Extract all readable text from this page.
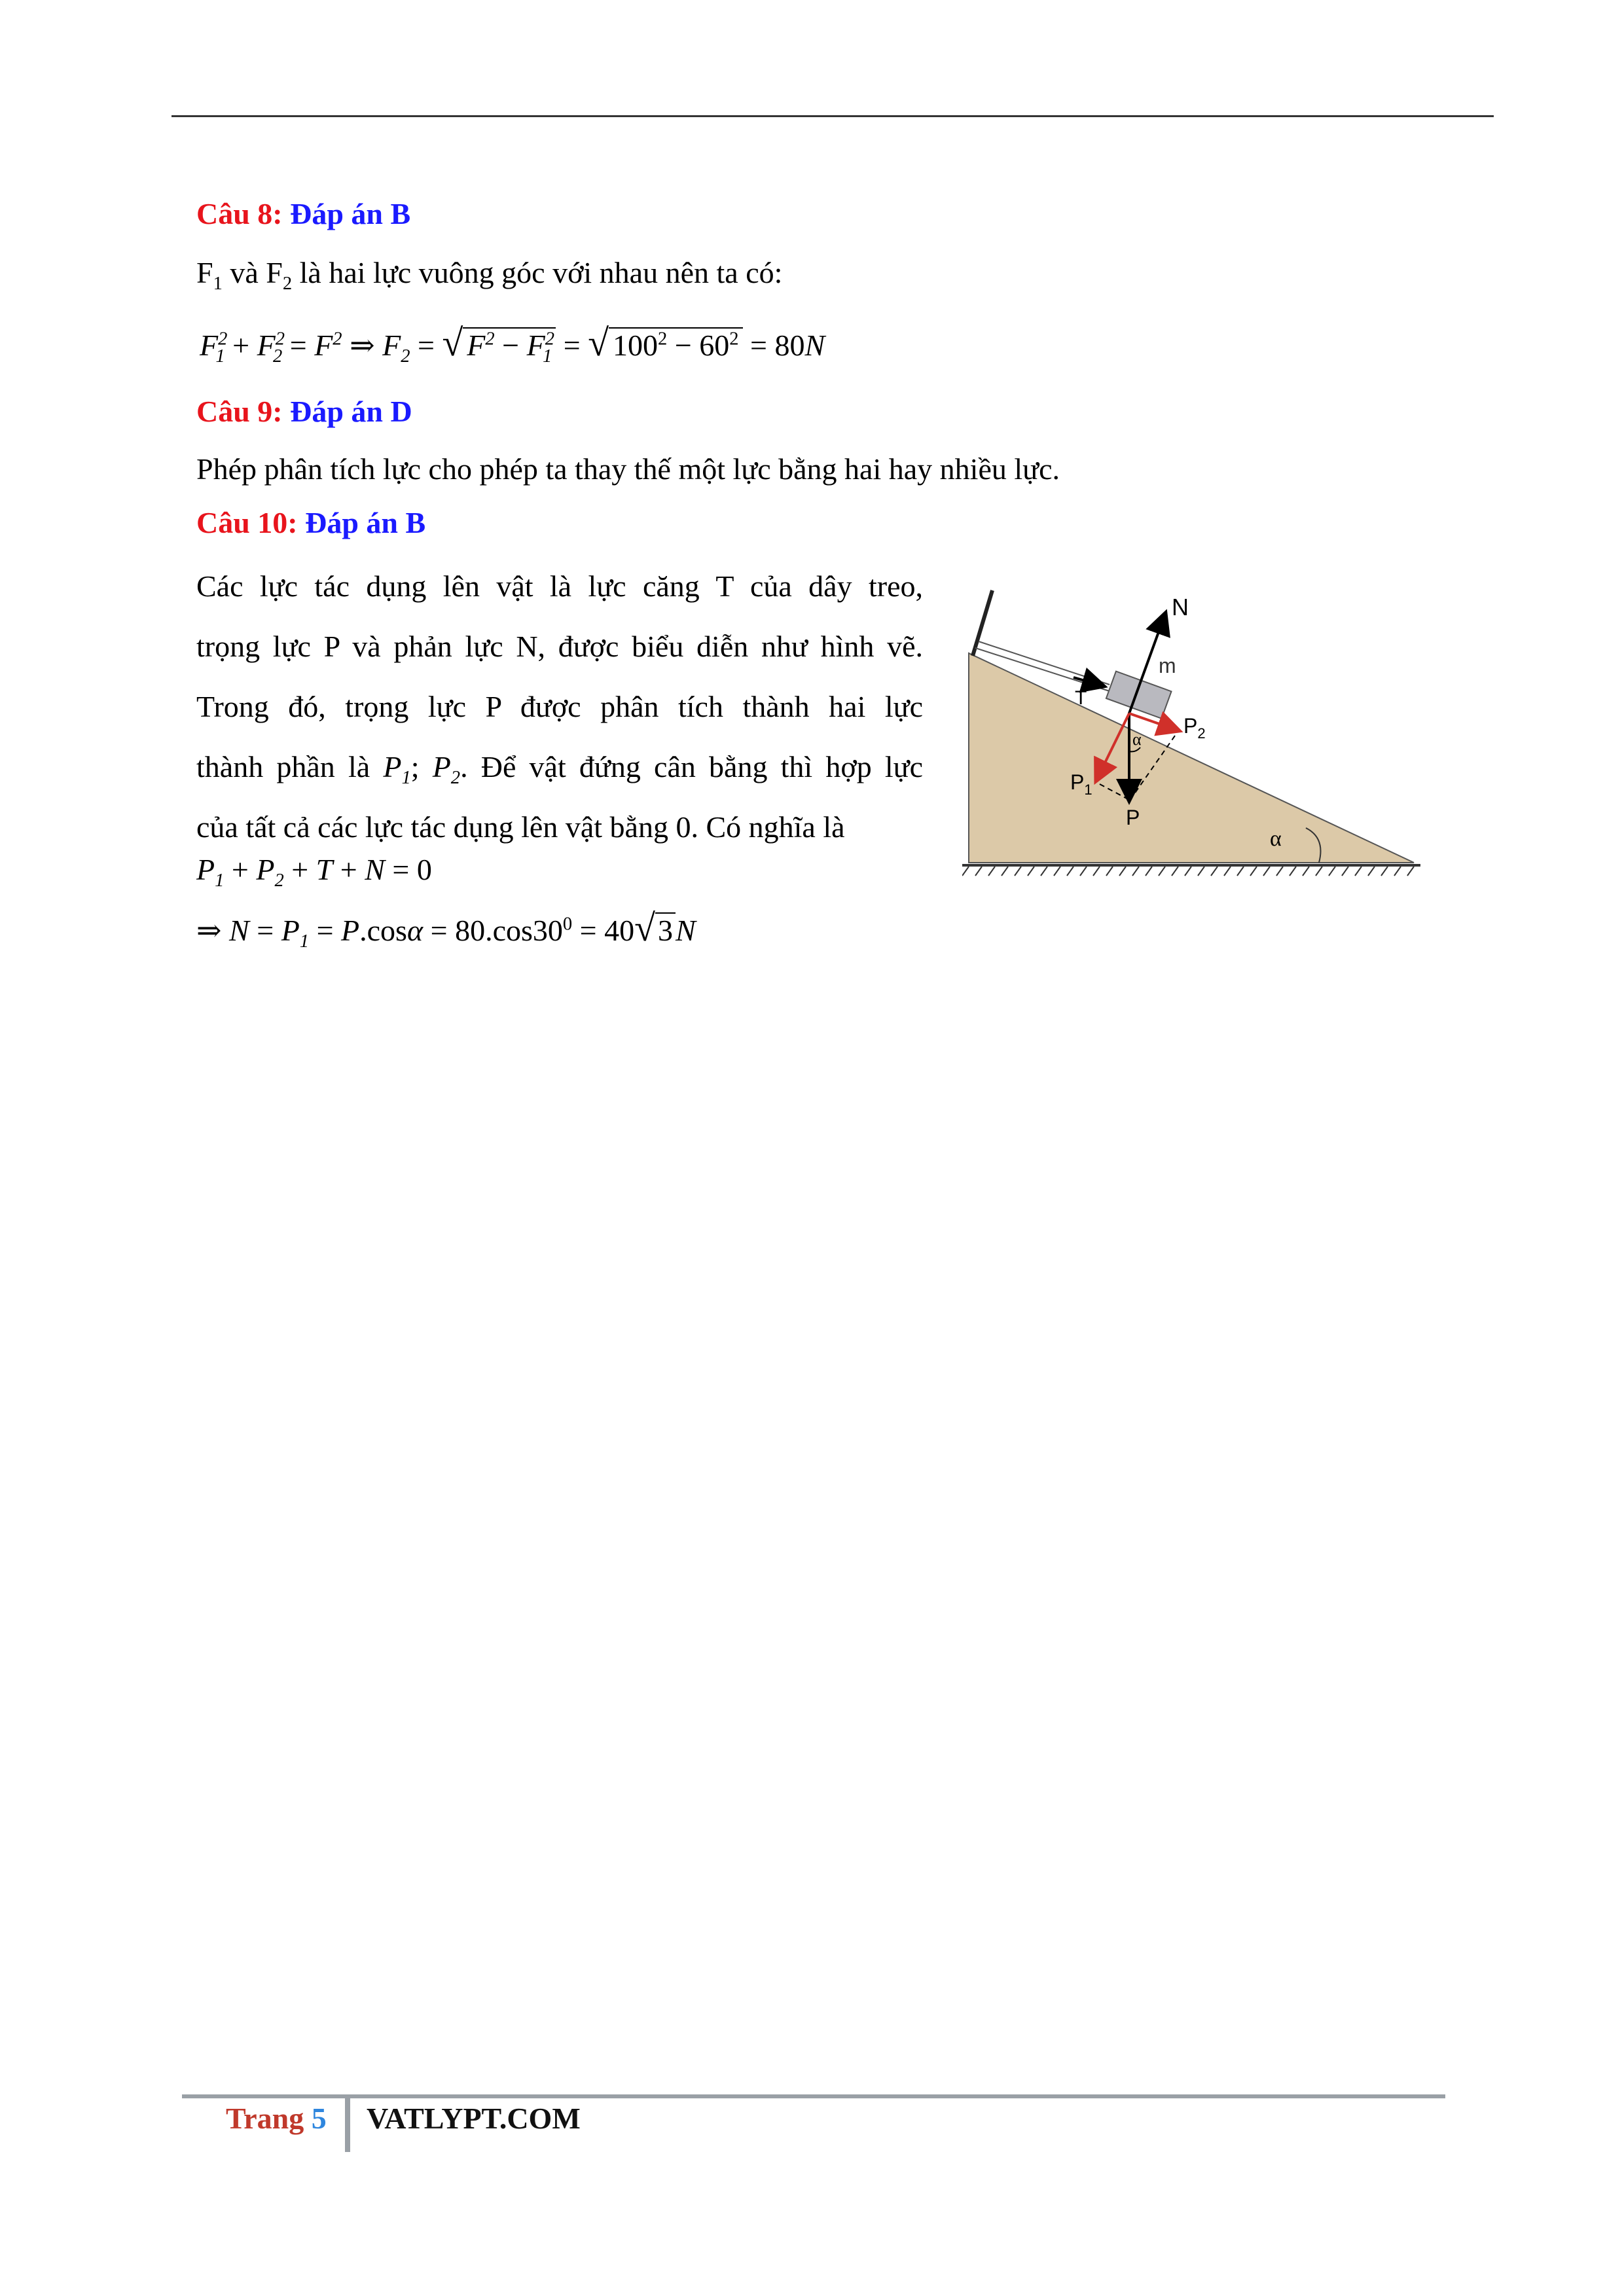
Câu 8: Đáp án B
$F_1$ và $F_2$ là hai lực vuông góc với nhau nên ta có:
$F^2_1 + F^2_2 = F^2$ ⇒ $F_2$ = √ $F^2 - F^2_1$ = √ $100^2 - 60^2 = 80N$
Câu 9: Đáp án D
Phép phân tích lực cho phép ta thay thế một lực bằng hai hay nhiều lực.
Câu 10: Đáp án B
Các lực tác dụng lên vật là lực căng T của dây treo,
trọng lực P và phản lực N, được biểu diễn như hình vẽ.
Trong đó, trọng lực P được phân tích thành hai lực
thành phần là $P_1$; $P_2$. Để vật đứng cân bằng thì hợp lực
của tất cả các lực tác dụng lên vật bằng 0. Có nghĩa là
$P_1 + P_2 + T + N = 0$
⇒ $N = P_1 = P.\cos\alpha = 80.\cos 30^0 = 40√3N$
N
m
T
P
$P_1$
$P_2$
α
α
Trang 5 VATLYPT.COM
